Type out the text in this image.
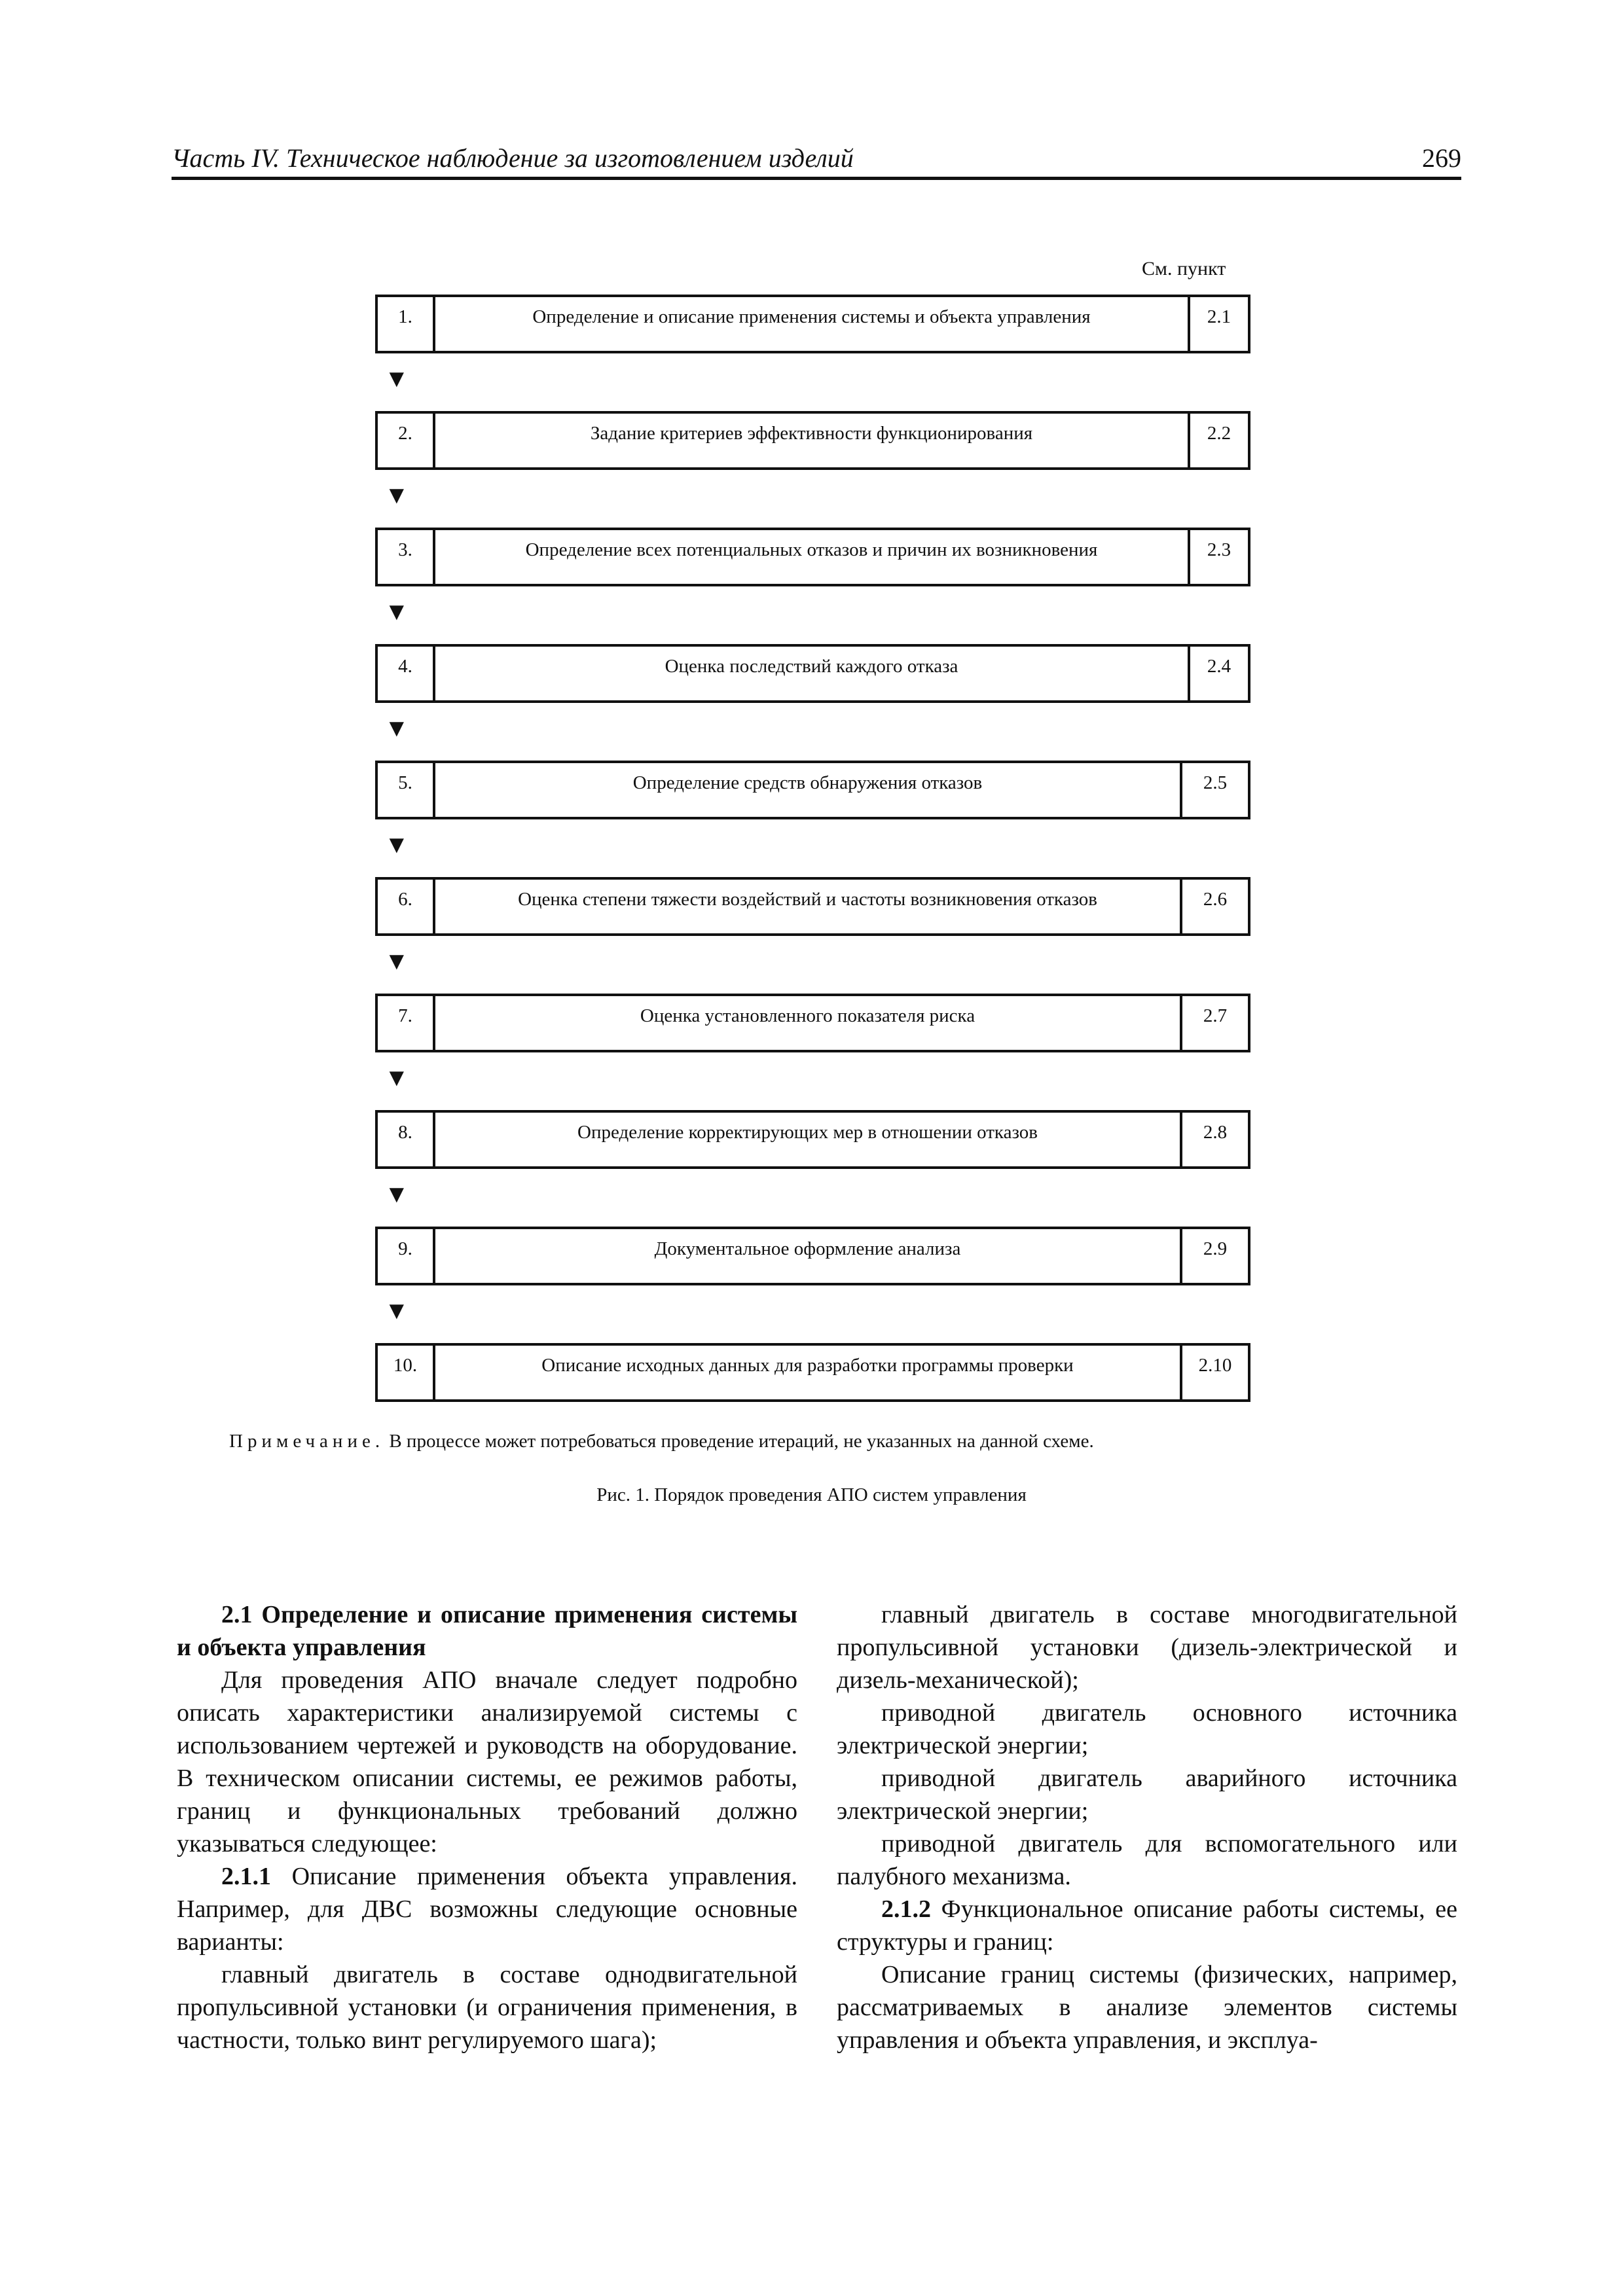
Часть IV. Техническое наблюдение за изготовлением изделий	269
См. пункт
1.	Определение и описание применения системы и объекта управления	2.1
▼
2.	Задание критериев эффективности функционирования	2.2
▼
3.	Определение всех потенциальных отказов и причин их возникновения	2.3
▼
4.	Оценка последствий каждого отказа	2.4
▼
5.	Определение средств обнаружения отказов	2.5
▼
6.	Оценка степени тяжести воздействий и частоты возникновения отказов	2.6
▼
7.	Оценка установленного показателя риска	2.7
▼
8.	Определение корректирующих мер в отношении отказов	2.8
▼
9.	Документальное оформление анализа	2.9
▼
10.	Описание исходных данных для разработки программы проверки	2.10
Примечание. В процессе может потребоваться проведение итераций, не указанных на данной схеме.
Рис. 1. Порядок проведения АПО систем управления

2.1 Определение и описание применения системы и объекта управления

Для проведения АПО вначале следует подробно описать характеристики анализируемой системы с использованием чертежей и руководств на оборудование. В техническом описании системы, ее режимов работы, границ и функциональных требований должно указываться следующее:

2.1.1 Описание применения объекта управления. Например, для ДВС возможны следующие основные варианты:

главный двигатель в составе однодвигательной пропульсивной установки (и ограничения применения, в частности, только винт регулируемого шага);

главный двигатель в составе многодвигательной пропульсивной установки (дизель-электрической и дизель-механической);

приводной двигатель основного источника электрической энергии;

приводной двигатель аварийного источника электрической энергии;

приводной двигатель для вспомогательного или палубного механизма.

2.1.2 Функциональное описание работы системы, ее структуры и границ:

Описание границ системы (физических, например, рассматриваемых в анализе элементов системы управления и объекта управления, и эксплуа-
